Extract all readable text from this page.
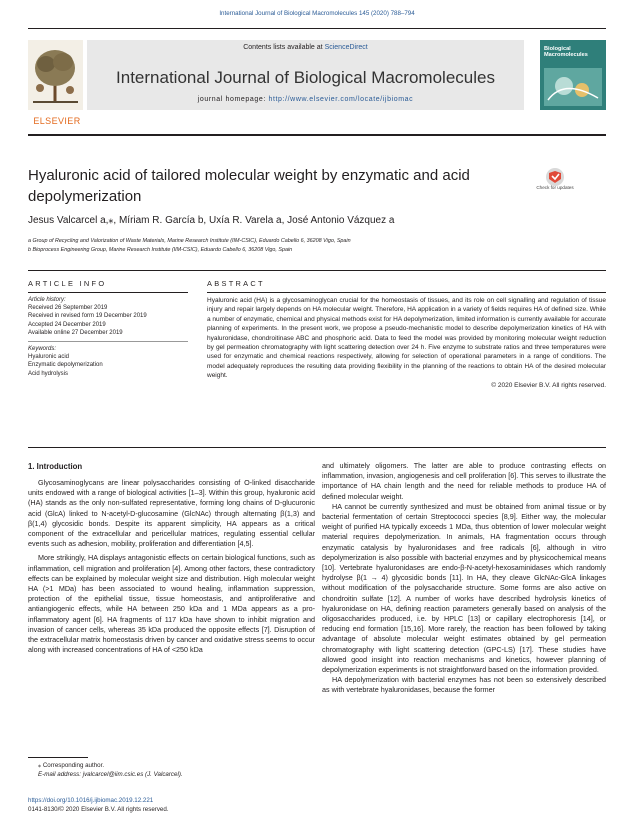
International Journal of Biological Macromolecules 145 (2020) 788–794
ELSEVIER
Contents lists available at ScienceDirect
International Journal of Biological Macromolecules
journal homepage: http://www.elsevier.com/locate/ijbiomac
Biological Macromolecules
Hyaluronic acid of tailored molecular weight by enzymatic and acid depolymerization
Check for updates
Jesus Valcarcel a,⁎, Míriam R. García b, Uxía R. Varela a, José Antonio Vázquez a
a Group of Recycling and Valorization of Waste Materials, Marine Research Institute (IIM-CSIC), Eduardo Cabello 6, 36208 Vigo, Spain
b Bioprocess Engineering Group, Marine Research Institute (IIM-CSIC), Eduardo Cabello 6, 36208 Vigo, Spain
ARTICLE INFO
Article history:
Received 26 September 2019
Received in revised form 19 December 2019
Accepted 24 December 2019
Available online 27 December 2019
Keywords:
Hyaluronic acid
Enzymatic depolymerization
Acid hydrolysis
ABSTRACT
Hyaluronic acid (HA) is a glycosaminoglycan crucial for the homeostasis of tissues, and its role on cell signalling and regulation of tissue injury and repair largely depends on HA molecular weight. Therefore, HA application in a variety of fields requires HA of defined size. While a number of enzymatic, chemical and physical methods exist for HA depolymerization, limited information is currently available for accurate planning of experiments. In the present work, we propose a pseudo-mechanistic model to describe depolymerization kinetics of HA with hyaluronidase, chondroitinase ABC and phosphoric acid. Data to feed the model was provided by monitoring molecular weight reduction by gel permeation chromatography with light scattering detection over 24 h. Five enzyme to substrate ratios and three temperatures were used for enzymatic and chemical reactions respectively, allowing for selection of operational parameters in a range of conditions. The model adequately reproduces the resulting data providing flexibility in the planning of the reactions to obtain HA of the desired molecular weight.
© 2020 Elsevier B.V. All rights reserved.
1. Introduction

Glycosaminoglycans are linear polysaccharides consisting of O-linked disaccharide units endowed with a range of biological activities [1–3]. Within this group, hyaluronic acid (HA) stands as the only non-sulfated representative, forming long chains of D-glucuronic acid (GlcA) linked to N-acetyl-D-glucosamine (GlcNAc) through alternating β(1,3) and β(1,4) glycosidic bonds. Despite its apparent simplicity, HA appears as a critical component of the extracellular and pericellular matrices, regulating essential cellular events such as adhesion, mobility, proliferation and differentiation [4,5].

More strikingly, HA displays antagonistic effects on certain biological functions, such as inflammation, cell migration and proliferation [4]. Among other factors, these contradictory effects can be explained by molecular weight size and distribution. High molecular weight HA (>1 MDa) has been associated to wound healing, inflammation suppression, protection of the epithelial tissue, tissue homeostasis, and antiproliferative and antiangiogenic effects, while HA between 250 kDa and 1 MDa appears as a pro-inflammatory agent [6]. HA fragments of 117 kDa have shown to inhibit migration and invasion of cancer cells, whereas 35 kDa produced the opposite effects [7]. Disruption of the extracellular matrix homeostasis driven by cancer and oxidative stress seems to occur along with increased concentrations of HA of <250 kDa

and ultimately oligomers. The latter are able to produce contrasting effects on inflammation, invasion, angiogenesis and cell proliferation [6]. This serves to illustrate the importance of HA chain length and the need for reliable methods to produce HA of defined molecular weight.

HA cannot be currently synthesized and must be obtained from animal tissue or by bacterial fermentation of certain Streptococci species [8,9]. Either way, the molecular weight of purified HA typically exceeds 1 MDa, thus obtention of lower molecular weight material requires depolymerization. In animals, HA fragmentation occurs through enzymatic catalysis by hyaluronidases and free radicals [6], although in vitro depolymerization is also possible with bacterial enzymes and by physicochemical means [10]. Vertebrate hyaluronidases are endo-β-N-acetyl-hexosaminidases which randomly hydrolyse β(1 → 4) glycosidic bonds [11]. In HA, they cleave GlcNAc-GlcA linkages without modification of the polysaccharide structure. Some forms are also active on chondroitin sulfate [12]. A number of works have described hydrolysis kinetics of hyaluronidase on HA, defining reaction parameters generally based on analysis of the oligosaccharides produced, i.e. by HPLC [13] or capillary electrophoresis [14], or reducing end formation [15,16]. More rarely, the reaction has been followed by taking advantage of absolute molecular weight estimates obtained by gel permeation chromatography with light scattering detection (GPC-LS) [17]. These studies have allowed good insight into reaction mechanisms and kinetics, however planning of depolymerization experiments is not straightforward based on the information provided.

HA depolymerization with bacterial enzymes has not been so extensively described as with vertebrate hyaluronidases, because the former

⁎ Corresponding author.
E-mail address: jvalcarcel@iim.csic.es (J. Valcarcel).
https://doi.org/10.1016/j.ijbiomac.2019.12.221
0141-8130/© 2020 Elsevier B.V. All rights reserved.
